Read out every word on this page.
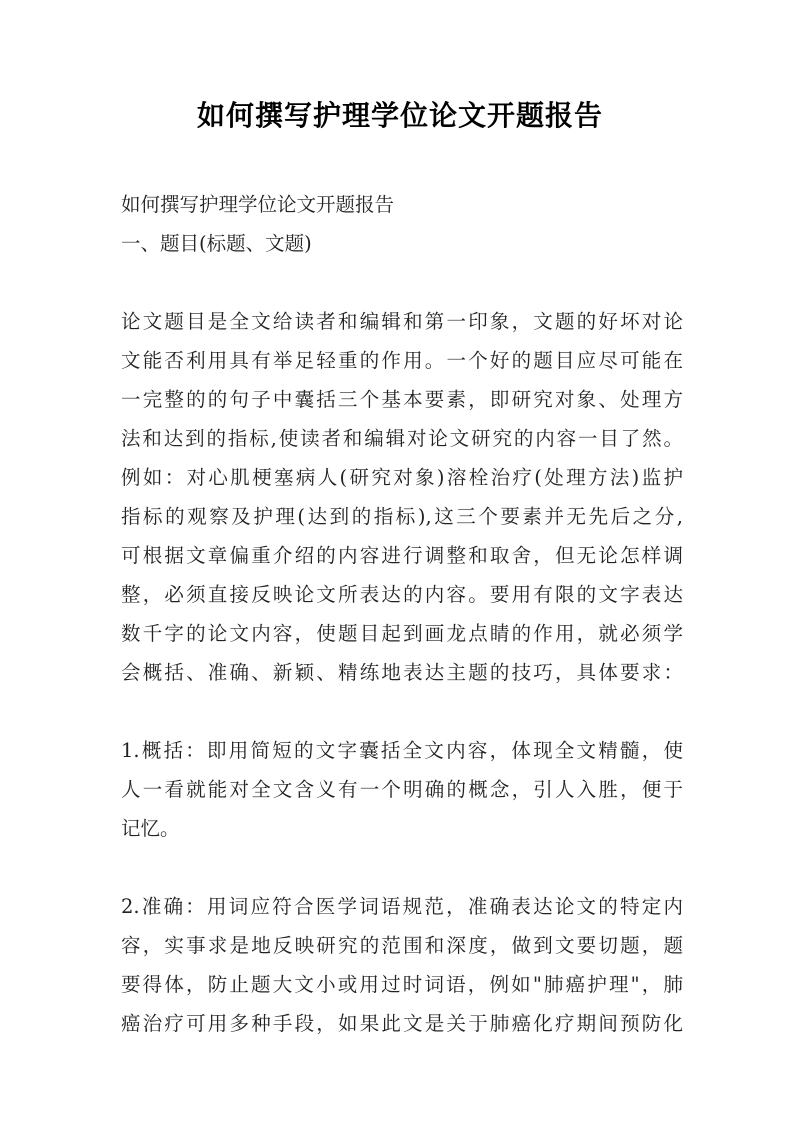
如何撰写护理学位论文开题报告
如何撰写护理学位论文开题报告
一、题目(标题、文题)
论文题目是全文给读者和编辑和第一印象，文题的好坏对论
文能否利用具有举足轻重的作用。一个好的题目应尽可能在
一完整的的句子中囊括三个基本要素，即研究对象、处理方
法和达到的指标,使读者和编辑对论文研究的内容一目了然。
例如：对心肌梗塞病人(研究对象)溶栓治疗(处理方法)监护
指标的观察及护理(达到的指标),这三个要素并无先后之分,
可根据文章偏重介绍的内容进行调整和取舍，但无论怎样调
整，必须直接反映论文所表达的内容。要用有限的文字表达
数千字的论文内容，使题目起到画龙点睛的作用，就必须学
会概括、准确、新颖、精练地表达主题的技巧，具体要求：
1.概括：即用简短的文字囊括全文内容，体现全文精髓，使
人一看就能对全文含义有一个明确的概念，引人入胜，便于
记忆。
2.准确：用词应符合医学词语规范，准确表达论文的特定内
容，实事求是地反映研究的范围和深度，做到文要切题，题
要得体，防止题大文小或用过时词语，例如"肺癌护理"，肺
癌治疗可用多种手段，如果此文是关于肺癌化疗期间预防化
